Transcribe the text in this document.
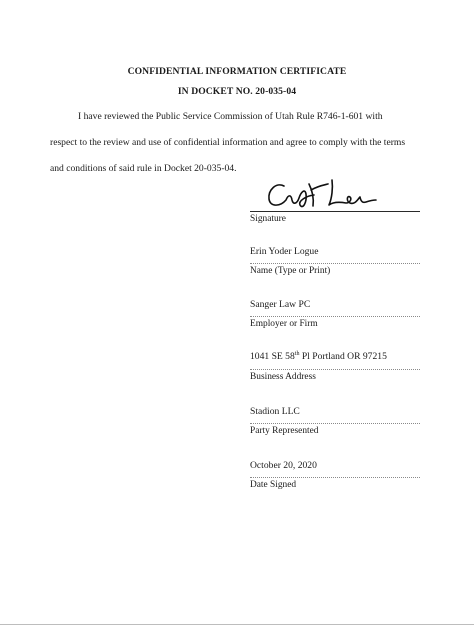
CONFIDENTIAL INFORMATION CERTIFICATE
IN DOCKET NO. 20-035-04
I have reviewed the Public Service Commission of Utah Rule R746-1-601 with
respect to the review and use of confidential information and agree to comply with the terms
and conditions of said rule in Docket 20-035-04.
Signature
Erin Yoder Logue
Name (Type or Print)
Sanger Law PC
Employer or Firm
1041 SE 58th Pl Portland OR 97215
Business Address
Stadion LLC
Party Represented
October 20, 2020
Date Signed
